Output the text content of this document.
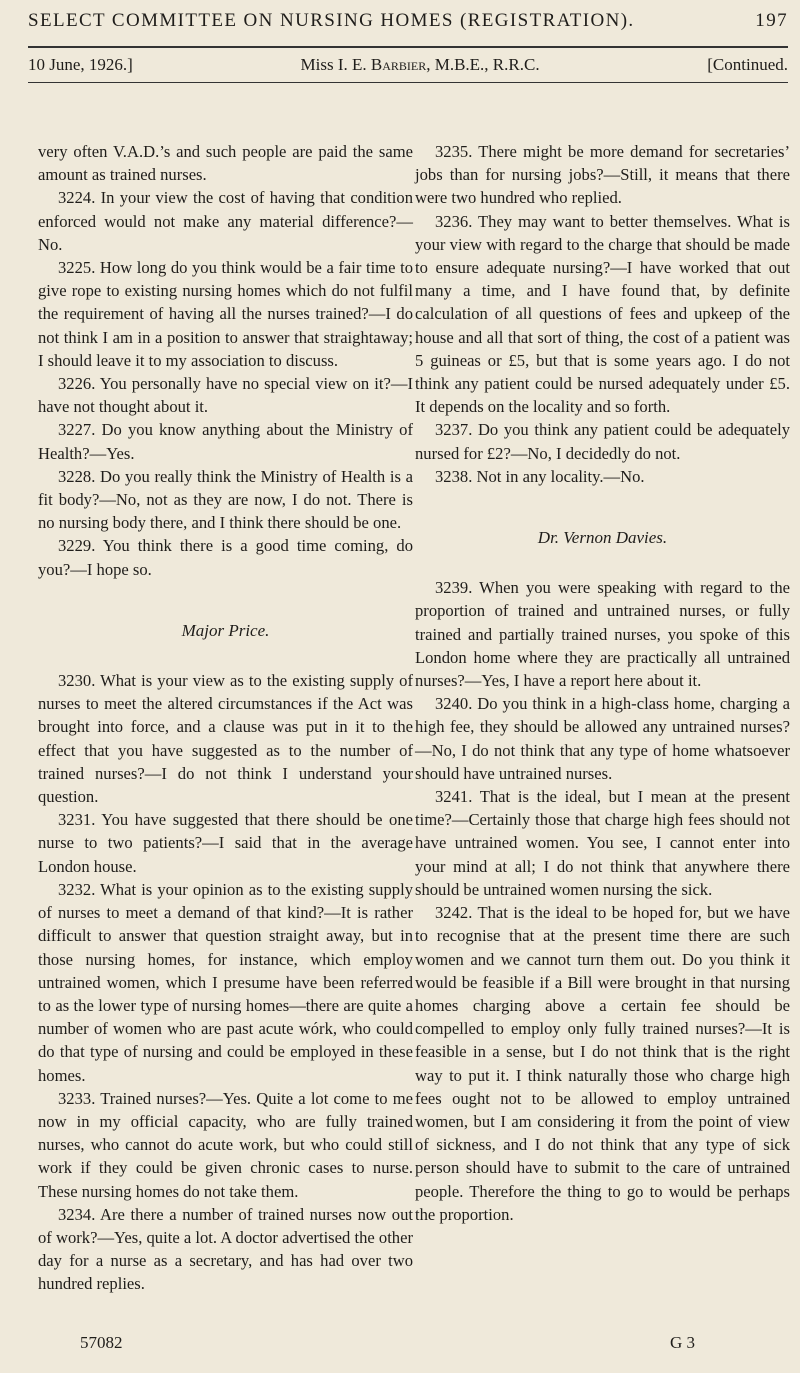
SELECT COMMITTEE ON NURSING HOMES (REGISTRATION).	197
10 June, 1926.]	Miss I. E. Barbier, M.B.E., R.R.C.	[Continued.

very often V.A.D.’s and such people are paid the same amount as trained nurses.

3224. In your view the cost of having that condition enforced would not make any material difference?—No.

3225. How long do you think would be a fair time to give rope to existing nursing homes which do not fulfil the requirement of having all the nurses trained?—I do not think I am in a position to answer that straightaway; I should leave it to my association to discuss.

3226. You personally have no special view on it?—I have not thought about it.

3227. Do you know anything about the Ministry of Health?—Yes.

3228. Do you really think the Ministry of Health is a fit body?—No, not as they are now, I do not. There is no nursing body there, and I think there should be one.

3229. You think there is a good time coming, do you?—I hope so.

Major Price.

3230. What is your view as to the existing supply of nurses to meet the altered circumstances if the Act was brought into force, and a clause was put in it to the effect that you have suggested as to the number of trained nurses?—I do not think I understand your question.

3231. You have suggested that there should be one nurse to two patients?—I said that in the average London house.

3232. What is your opinion as to the existing supply of nurses to meet a demand of that kind?—It is rather difficult to answer that question straight away, but in those nursing homes, for instance, which employ untrained women, which I presume have been referred to as the lower type of nursing homes—there are quite a number of women who are past acute wórk, who could do that type of nursing and could be employed in these homes.

3233. Trained nurses?—Yes. Quite a lot come to me now in my official capacity, who are fully trained nurses, who cannot do acute work, but who could still work if they could be given chronic cases to nurse. These nursing homes do not take them.

3234. Are there a number of trained nurses now out of work?—Yes, quite a lot. A doctor advertised the other day for a nurse as a secretary, and has had over two hundred replies.

3235. There might be more demand for secretaries’ jobs than for nursing jobs?—Still, it means that there were two hundred who replied.

3236. They may want to better themselves. What is your view with regard to the charge that should be made to ensure adequate nursing?—I have worked that out many a time, and I have found that, by definite calculation of all questions of fees and upkeep of the house and all that sort of thing, the cost of a patient was 5 guineas or £5, but that is some years ago. I do not think any patient could be nursed adequately under £5. It depends on the locality and so forth.

3237. Do you think any patient could be adequately nursed for £2?—No, I decidedly do not.

3238. Not in any locality.—No.

Dr. Vernon Davies.

3239. When you were speaking with regard to the proportion of trained and untrained nurses, or fully trained and partially trained nurses, you spoke of this London home where they are practically all untrained nurses?—Yes, I have a report here about it.

3240. Do you think in a high-class home, charging a high fee, they should be allowed any untrained nurses?—No, I do not think that any type of home whatsoever should have untrained nurses.

3241. That is the ideal, but I mean at the present time?—Certainly those that charge high fees should not have untrained women. You see, I cannot enter into your mind at all; I do not think that anywhere there should be untrained women nursing the sick.

3242. That is the ideal to be hoped for, but we have to recognise that at the present time there are such women and we cannot turn them out. Do you think it would be feasible if a Bill were brought in that nursing homes charging above a certain fee should be compelled to employ only fully trained nurses?—It is feasible in a sense, but I do not think that is the right way to put it. I think naturally those who charge high fees ought not to be allowed to employ untrained women, but I am considering it from the point of view of sickness, and I do not think that any type of sick person should have to submit to the care of untrained people. Therefore the thing to go to would be perhaps the proportion.

57082	G 3
